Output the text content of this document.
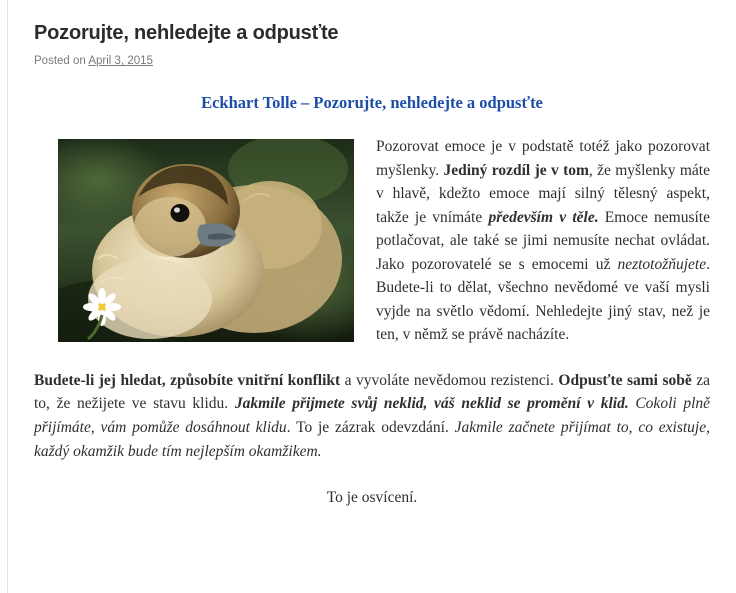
Pozorujte, nehledejte a odpusťte
Posted on April 3, 2015
Eckhart Tolle – Pozorujte, nehledejte a odpusťte

Pozorovat emoce je v podstatě totéž jako pozorovat myšlenky. Jediný rozdíl je v tom, že myšlenky máte v hlavě, kdežto emoce mají silný tělesný aspekt, takže je vnímáte především v těle. Emoce nemusíte potlačovat, ale také se jimi nemusíte nechat ovládat. Jako pozorovatelé se s emocemi už neztotožňujete. Budete-li to dělat, všechno nevědomé ve vaší mysli vyjde na světlo vědomí. Nehledejte jiný stav, než je ten, v němž se právě nacházíte.

Budete-li jej hledat, způsobíte vnitřní konflikt a vyvoláte nevědomou rezistenci. Odpusťte sami sobě za to, že nežijete ve stavu klidu. Jakmile přijmete svůj neklid, váš neklid se promění v klid. Cokoli plně přijímáte, vám pomůže dosáhnout klidu. To je zázrak odevzdání. Jakmile začnete přijímat to, co existuje, každý okamžik bude tím nejlepším okamžikem.

To je osvícení.
